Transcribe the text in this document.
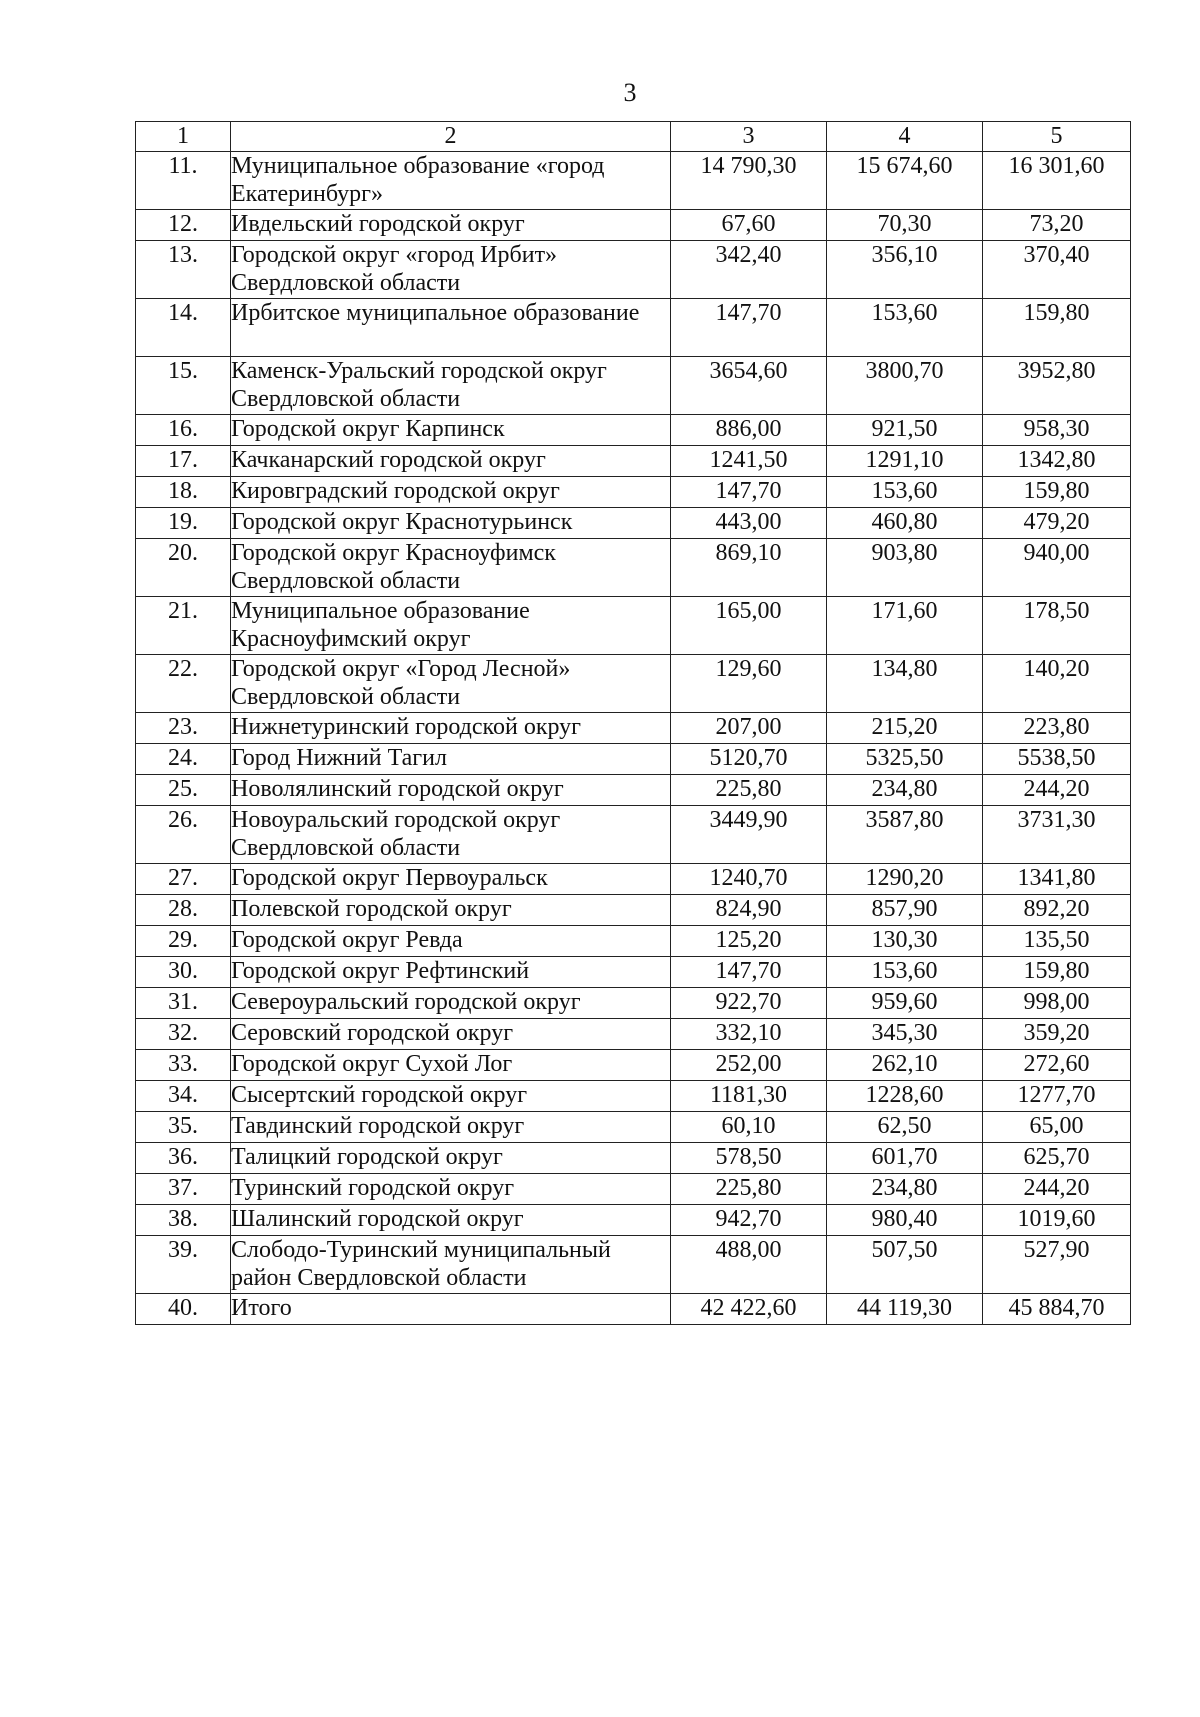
3
1	2	3	4	5
11.	Муниципальное образование «город Екатеринбург»	14 790,30	15 674,60	16 301,60
12.	Ивдельский городской округ	67,60	70,30	73,20
13.	Городской округ «город Ирбит» Свердловской области	342,40	356,10	370,40
14.	Ирбитское муниципальное образование	147,70	153,60	159,80
15.	Каменск-Уральский городской округ Свердловской области	3654,60	3800,70	3952,80
16.	Городской округ Карпинск	886,00	921,50	958,30
17.	Качканарский городской округ	1241,50	1291,10	1342,80
18.	Кировградский городской округ	147,70	153,60	159,80
19.	Городской округ Краснотурьинск	443,00	460,80	479,20
20.	Городской округ Красноуфимск Свердловской области	869,10	903,80	940,00
21.	Муниципальное образование Красноуфимский округ	165,00	171,60	178,50
22.	Городской округ «Город Лесной» Свердловской области	129,60	134,80	140,20
23.	Нижнетуринский городской округ	207,00	215,20	223,80
24.	Город Нижний Тагил	5120,70	5325,50	5538,50
25.	Новолялинский городской округ	225,80	234,80	244,20
26.	Новоуральский городской округ Свердловской области	3449,90	3587,80	3731,30
27.	Городской округ Первоуральск	1240,70	1290,20	1341,80
28.	Полевской городской округ	824,90	857,90	892,20
29.	Городской округ Ревда	125,20	130,30	135,50
30.	Городской округ Рефтинский	147,70	153,60	159,80
31.	Североуральский городской округ	922,70	959,60	998,00
32.	Серовский городской округ	332,10	345,30	359,20
33.	Городской округ Сухой Лог	252,00	262,10	272,60
34.	Сысертский городской округ	1181,30	1228,60	1277,70
35.	Тавдинский городской округ	60,10	62,50	65,00
36.	Талицкий городской округ	578,50	601,70	625,70
37.	Туринский городской округ	225,80	234,80	244,20
38.	Шалинский городской округ	942,70	980,40	1019,60
39.	Слободо-Туринский муниципальный район Свердловской области	488,00	507,50	527,90
40.	Итого	42 422,60	44 119,30	45 884,70
